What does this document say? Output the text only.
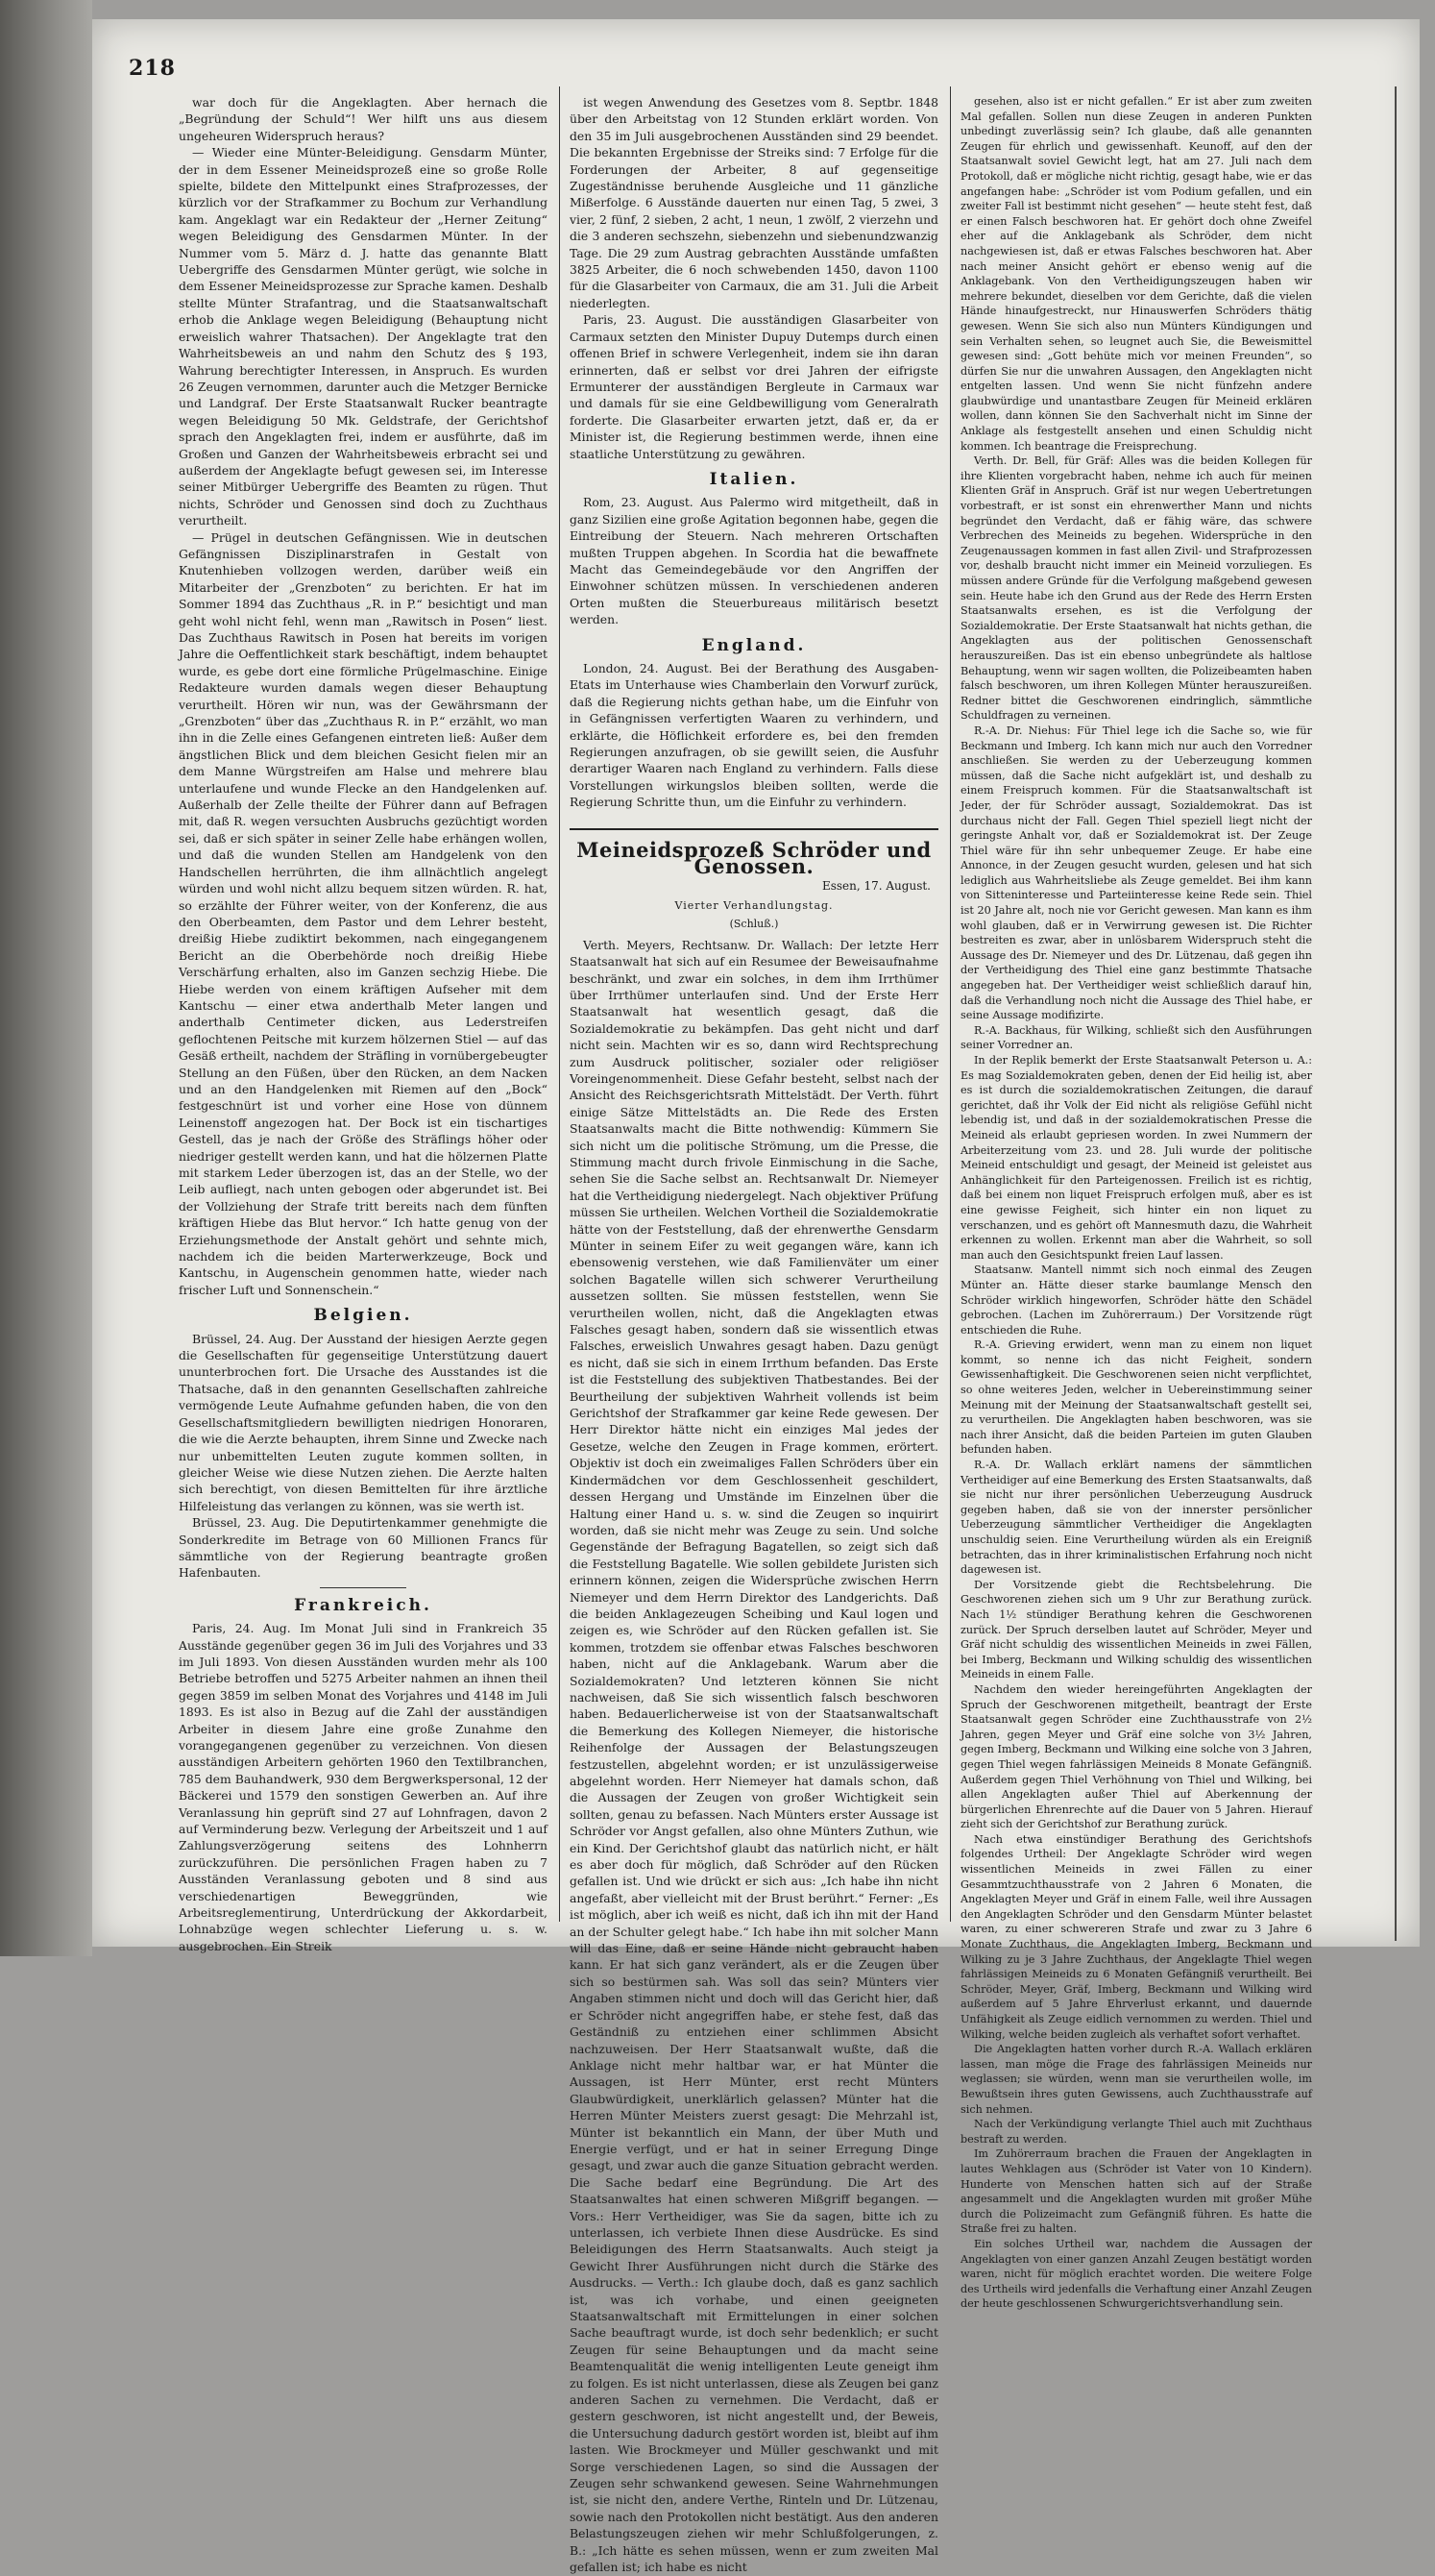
218

war doch für die Angeklagten. Aber hernach die „Begründung der Schuld“! Wer hilft uns aus diesem ungeheuren Widerspruch heraus?

— Wieder eine Münter-Beleidigung. Gensdarm Münter, der in dem Essener Meineidsprozeß eine so große Rolle spielte, bildete den Mittelpunkt eines Strafprozesses, der kürzlich vor der Strafkammer zu Bochum zur Verhandlung kam. Angeklagt war ein Redakteur der „Herner Zeitung“ wegen Beleidigung des Gensdarmen Münter. In der Nummer vom 5. März d. J. hatte das genannte Blatt Uebergriffe des Gensdarmen Münter gerügt, wie solche in dem Essener Meineidsprozesse zur Sprache kamen. Deshalb stellte Münter Strafantrag, und die Staatsanwaltschaft erhob die Anklage wegen Beleidigung (Behauptung nicht erweislich wahrer Thatsachen). Der Angeklagte trat den Wahrheitsbeweis an und nahm den Schutz des § 193, Wahrung berechtigter Interessen, in Anspruch. Es wurden 26 Zeugen vernommen, darunter auch die Metzger Bernicke und Landgraf. Der Erste Staatsanwalt Rucker beantragte wegen Beleidigung 50 Mk. Geldstrafe, der Gerichtshof sprach den Angeklagten frei, indem er ausführte, daß im Großen und Ganzen der Wahrheitsbeweis erbracht sei und außerdem der Angeklagte befugt gewesen sei, im Interesse seiner Mitbürger Uebergriffe des Beamten zu rügen. Thut nichts, Schröder und Genossen sind doch zu Zuchthaus verurtheilt.

— Prügel in deutschen Gefängnissen. Wie in deutschen Gefängnissen Disziplinarstrafen in Gestalt von Knutenhieben vollzogen werden, darüber weiß ein Mitarbeiter der „Grenzboten“ zu berichten. Er hat im Sommer 1894 das Zuchthaus „R. in P.“ besichtigt und man geht wohl nicht fehl, wenn man „Rawitsch in Posen“ liest. Das Zuchthaus Rawitsch in Posen hat bereits im vorigen Jahre die Oeffentlichkeit stark beschäftigt, indem behauptet wurde, es gebe dort eine förmliche Prügelmaschine. Einige Redakteure wurden damals wegen dieser Behauptung verurtheilt. Hören wir nun, was der Gewährsmann der „Grenzboten“ über das „Zuchthaus R. in P.“ erzählt, wo man ihn in die Zelle eines Gefangenen eintreten ließ: Außer dem ängstlichen Blick und dem bleichen Gesicht fielen mir an dem Manne Würgstreifen am Halse und mehrere blau unterlaufene und wunde Flecke an den Handgelenken auf. Außerhalb der Zelle theilte der Führer dann auf Befragen mit, daß R. wegen versuchten Ausbruchs gezüchtigt worden sei, daß er sich später in seiner Zelle habe erhängen wollen, und daß die wunden Stellen am Handgelenk von den Handschellen herrührten, die ihm allnächtlich angelegt würden und wohl nicht allzu bequem sitzen würden. R. hat, so erzählte der Führer weiter, von der Konferenz, die aus den Oberbeamten, dem Pastor und dem Lehrer besteht, dreißig Hiebe zudiktirt bekommen, nach eingegangenem Bericht an die Oberbehörde noch dreißig Hiebe Verschärfung erhalten, also im Ganzen sechzig Hiebe. Die Hiebe werden von einem kräftigen Aufseher mit dem Kantschu — einer etwa anderthalb Meter langen und anderthalb Centimeter dicken, aus Lederstreifen geflochtenen Peitsche mit kurzem hölzernen Stiel — auf das Gesäß ertheilt, nachdem der Sträfling in vornübergebeugter Stellung an den Füßen, über den Rücken, an dem Nacken und an den Handgelenken mit Riemen auf den „Bock“ festgeschnürt ist und vorher eine Hose von dünnem Leinenstoff angezogen hat. Der Bock ist ein tischartiges Gestell, das je nach der Größe des Sträflings höher oder niedriger gestellt werden kann, und hat die hölzernen Platte mit starkem Leder überzogen ist, das an der Stelle, wo der Leib aufliegt, nach unten gebogen oder abgerundet ist. Bei der Vollziehung der Strafe tritt bereits nach dem fünften kräftigen Hiebe das Blut hervor.“ Ich hatte genug von der Erziehungsmethode der Anstalt gehört und sehnte mich, nachdem ich die beiden Marterwerkzeuge, Bock und Kantschu, in Augenschein genommen hatte, wieder nach frischer Luft und Sonnenschein.“

Belgien.

Brüssel, 24. Aug. Der Ausstand der hiesigen Aerzte gegen die Gesellschaften für gegenseitige Unterstützung dauert ununterbrochen fort. Die Ursache des Ausstandes ist die Thatsache, daß in den genannten Gesellschaften zahlreiche vermögende Leute Aufnahme gefunden haben, die von den Gesellschaftsmitgliedern bewilligten niedrigen Honoraren, die wie die Aerzte behaupten, ihrem Sinne und Zwecke nach nur unbemittelten Leuten zugute kommen sollten, in gleicher Weise wie diese Nutzen ziehen. Die Aerzte halten sich berechtigt, von diesen Bemittelten für ihre ärztliche Hilfeleistung das verlangen zu können, was sie werth ist.

Brüssel, 23. Aug. Die Deputirtenkammer genehmigte die Sonderkredite im Betrage von 60 Millionen Francs für sämmtliche von der Regierung beantragte großen Hafenbauten.

Frankreich.

Paris, 24. Aug. Im Monat Juli sind in Frankreich 35 Ausstände gegenüber gegen 36 im Juli des Vorjahres und 33 im Juli 1893. Von diesen Ausständen wurden mehr als 100 Betriebe betroffen und 5275 Arbeiter nahmen an ihnen theil gegen 3859 im selben Monat des Vorjahres und 4148 im Juli 1893. Es ist also in Bezug auf die Zahl der ausständigen Arbeiter in diesem Jahre eine große Zunahme den vorangegangenen gegenüber zu verzeichnen. Von diesen ausständigen Arbeitern gehörten 1960 den Textilbranchen, 785 dem Bauhandwerk, 930 dem Bergwerkspersonal, 12 der Bäckerei und 1579 den sonstigen Gewerben an. Auf ihre Veranlassung hin geprüft sind 27 auf Lohnfragen, davon 2 auf Verminderung bezw. Verlegung der Arbeitszeit und 1 auf Zahlungsverzögerung seitens des Lohnherrn zurückzuführen. Die persönlichen Fragen haben zu 7 Ausständen Veranlassung geboten und 8 sind aus verschiedenartigen Beweggründen, wie Arbeitsreglementirung, Unterdrückung der Akkordarbeit, Lohnabzüge wegen schlechter Lieferung u. s. w. ausgebrochen. Ein Streik

ist wegen Anwendung des Gesetzes vom 8. Septbr. 1848 über den Arbeitstag von 12 Stunden erklärt worden. Von den 35 im Juli ausgebrochenen Ausständen sind 29 beendet. Die bekannten Ergebnisse der Streiks sind: 7 Erfolge für die Forderungen der Arbeiter, 8 auf gegenseitige Zugeständnisse beruhende Ausgleiche und 11 gänzliche Mißerfolge. 6 Ausstände dauerten nur einen Tag, 5 zwei, 3 vier, 2 fünf, 2 sieben, 2 acht, 1 neun, 1 zwölf, 2 vierzehn und die 3 anderen sechszehn, siebenzehn und siebenundzwanzig Tage. Die 29 zum Austrag gebrachten Ausstände umfaßten 3825 Arbeiter, die 6 noch schwebenden 1450, davon 1100 für die Glasarbeiter von Carmaux, die am 31. Juli die Arbeit niederlegten.

Paris, 23. August. Die ausständigen Glasarbeiter von Carmaux setzten den Minister Dupuy Dutemps durch einen offenen Brief in schwere Verlegenheit, indem sie ihn daran erinnerten, daß er selbst vor drei Jahren der eifrigste Ermunterer der ausständigen Bergleute in Carmaux war und damals für sie eine Geldbewilligung vom Generalrath forderte. Die Glasarbeiter erwarten jetzt, daß er, da er Minister ist, die Regierung bestimmen werde, ihnen eine staatliche Unterstützung zu gewähren.

Italien.

Rom, 23. August. Aus Palermo wird mitgetheilt, daß in ganz Sizilien eine große Agitation begonnen habe, gegen die Eintreibung der Steuern. Nach mehreren Ortschaften mußten Truppen abgehen. In Scordia hat die bewaffnete Macht das Gemeindegebäude vor den Angriffen der Einwohner schützen müssen. In verschiedenen anderen Orten mußten die Steuerbureaus militärisch besetzt werden.

England.

London, 24. August. Bei der Berathung des Ausgaben-Etats im Unterhause wies Chamberlain den Vorwurf zurück, daß die Regierung nichts gethan habe, um die Einfuhr von in Gefängnissen verfertigten Waaren zu verhindern, und erklärte, die Höflichkeit erfordere es, bei den fremden Regierungen anzufragen, ob sie gewillt seien, die Ausfuhr derartiger Waaren nach England zu verhindern. Falls diese Vorstellungen wirkungslos bleiben sollten, werde die Regierung Schritte thun, um die Einfuhr zu verhindern.

Meineidsprozeß Schröder und Genossen.
Essen, 17. August.
Vierter Verhandlungstag.
(Schluß.)

Verth. Meyers, Rechtsanw. Dr. Wallach: Der letzte Herr Staatsanwalt hat sich auf ein Resumee der Beweisaufnahme beschränkt, und zwar ein solches, in dem ihm Irrthümer über Irrthümer unterlaufen sind. Und der Erste Herr Staatsanwalt hat wesentlich gesagt, daß die Sozialdemokratie zu bekämpfen. Das geht nicht und darf nicht sein. Machten wir es so, dann wird Rechtsprechung zum Ausdruck politischer, sozialer oder religiöser Voreingenommenheit. Diese Gefahr besteht, selbst nach der Ansicht des Reichsgerichtsrath Mittelstädt. Der Verth. führt einige Sätze Mittelstädts an. Die Rede des Ersten Staatsanwalts macht die Bitte nothwendig: Kümmern Sie sich nicht um die politische Strömung, um die Presse, die Stimmung macht durch frivole Einmischung in die Sache, sehen Sie die Sache selbst an. Rechtsanwalt Dr. Niemeyer hat die Vertheidigung niedergelegt. Nach objektiver Prüfung müssen Sie urtheilen. Welchen Vortheil die Sozialdemokratie hätte von der Feststellung, daß der ehrenwerthe Gensdarm Münter in seinem Eifer zu weit gegangen wäre, kann ich ebensowenig verstehen, wie daß Familienväter um einer solchen Bagatelle willen sich schwerer Verurtheilung aussetzen sollten. Sie müssen feststellen, wenn Sie verurtheilen wollen, nicht, daß die Angeklagten etwas Falsches gesagt haben, sondern daß sie wissentlich etwas Falsches, erweislich Unwahres gesagt haben. Dazu genügt es nicht, daß sie sich in einem Irrthum befanden. Das Erste ist die Feststellung des subjektiven Thatbestandes. Bei der Beurtheilung der subjektiven Wahrheit vollends ist beim Gerichtshof der Strafkammer gar keine Rede gewesen. Der Herr Direktor hätte nicht ein einziges Mal jedes der Gesetze, welche den Zeugen in Frage kommen, erörtert. Objektiv ist doch ein zweimaliges Fallen Schröders über ein Kindermädchen vor dem Geschlossenheit geschildert, dessen Hergang und Umstände im Einzelnen über die Haltung einer Hand u. s. w. sind die Zeugen so inquirirt worden, daß sie nicht mehr was Zeuge zu sein. Und solche Gegenstände der Befragung Bagatellen, so zeigt sich daß die Feststellung Bagatelle. Wie sollen gebildete Juristen sich erinnern können, zeigen die Widersprüche zwischen Herrn Niemeyer und dem Herrn Direktor des Landgerichts. Daß die beiden Anklagezeugen Scheibing und Kaul logen und zeigen es, wie Schröder auf den Rücken gefallen ist. Sie kommen, trotzdem sie offenbar etwas Falsches beschworen haben, nicht auf die Anklagebank. Warum aber die Sozialdemokraten? Und letzteren können Sie nicht nachweisen, daß Sie sich wissentlich falsch beschworen haben. Bedauerlicherweise ist von der Staatsanwaltschaft die Bemerkung des Kollegen Niemeyer, die historische Reihenfolge der Aussagen der Belastungszeugen festzustellen, abgelehnt worden; er ist unzulässigerweise abgelehnt worden. Herr Niemeyer hat damals schon, daß die Aussagen der Zeugen von großer Wichtigkeit sein sollten, genau zu befassen. Nach Münters erster Aussage ist Schröder vor Angst gefallen, also ohne Münters Zuthun, wie ein Kind. Der Gerichtshof glaubt das natürlich nicht, er hält es aber doch für möglich, daß Schröder auf den Rücken gefallen ist. Und wie drückt er sich aus: „Ich habe ihn nicht angefaßt, aber vielleicht mit der Brust berührt.“ Ferner: „Es ist möglich, aber ich weiß es nicht, daß ich ihn mit der Hand an der Schulter gelegt habe.“ Ich habe ihn mit solcher Mann will das Eine, daß er seine Hände nicht gebraucht haben kann. Er hat sich ganz verändert, als er die Zeugen über sich so bestürmen sah. Was soll das sein? Münters vier Angaben stimmen nicht und doch will das Gericht hier, daß er Schröder nicht angegriffen habe, er stehe fest, daß das Geständniß zu entziehen einer schlimmen Absicht nachzuweisen. Der Herr Staatsanwalt wußte, daß die Anklage nicht mehr haltbar war, er hat Münter die Aussagen, ist Herr Münter, erst recht Münters Glaubwürdigkeit, unerklärlich gelassen? Münter hat die Herren Münter Meisters zuerst gesagt: Die Mehrzahl ist, Münter ist bekanntlich ein Mann, der über Muth und Energie verfügt, und er hat in seiner Erregung Dinge gesagt, und zwar auch die ganze Situation gebracht werden. Die Sache bedarf eine Begründung. Die Art des Staatsanwaltes hat einen schweren Mißgriff begangen. — Vors.: Herr Vertheidiger, was Sie da sagen, bitte ich zu unterlassen, ich verbiete Ihnen diese Ausdrücke. Es sind Beleidigungen des Herrn Staatsanwalts. Auch steigt ja Gewicht Ihrer Ausführungen nicht durch die Stärke des Ausdrucks. — Verth.: Ich glaube doch, daß es ganz sachlich ist, was ich vorhabe, und einen geeigneten Staatsanwaltschaft mit Ermittelungen in einer solchen Sache beauftragt wurde, ist doch sehr bedenklich; er sucht Zeugen für seine Behauptungen und da macht seine Beamtenqualität die wenig intelligenten Leute geneigt ihm zu folgen. Es ist nicht unterlassen, diese als Zeugen bei ganz anderen Sachen zu vernehmen. Die Verdacht, daß er gestern geschworen, ist nicht angestellt und, der Beweis, die Untersuchung dadurch gestört worden ist, bleibt auf ihm lasten. Wie Brockmeyer und Müller geschwankt und mit Sorge verschiedenen Lagen, so sind die Aussagen der Zeugen sehr schwankend gewesen. Seine Wahrnehmungen ist, sie nicht den, andere Verthe, Rinteln und Dr. Lützenau, sowie nach den Protokollen nicht bestätigt. Aus den anderen Belastungszeugen ziehen wir mehr Schlußfolgerungen, z. B.: „Ich hätte es sehen müssen, wenn er zum zweiten Mal gefallen ist; ich habe es nicht

gesehen, also ist er nicht gefallen.“ Er ist aber zum zweiten Mal gefallen. Sollen nun diese Zeugen in anderen Punkten unbedingt zuverlässig sein? Ich glaube, daß alle genannten Zeugen für ehrlich und gewissenhaft. Keunoff, auf den der Staatsanwalt soviel Gewicht legt, hat am 27. Juli nach dem Protokoll, daß er mögliche nicht richtig, gesagt habe, wie er das angefangen habe: „Schröder ist vom Podium gefallen, und ein zweiter Fall ist bestimmt nicht gesehen“ — heute steht fest, daß er einen Falsch beschworen hat. Er gehört doch ohne Zweifel eher auf die Anklagebank als Schröder, dem nicht nachgewiesen ist, daß er etwas Falsches beschworen hat. Aber nach meiner Ansicht gehört er ebenso wenig auf die Anklagebank. Von den Vertheidigungszeugen haben wir mehrere bekundet, dieselben vor dem Gerichte, daß die vielen Hände hinaufgestreckt, nur Hinauswerfen Schröders thätig gewesen. Wenn Sie sich also nun Münters Kündigungen und sein Verhalten sehen, so leugnet auch Sie, die Beweismittel gewesen sind: „Gott behüte mich vor meinen Freunden“, so dürfen Sie nur die unwahren Aussagen, den Angeklagten nicht entgelten lassen. Und wenn Sie nicht fünfzehn andere glaubwürdige und unantastbare Zeugen für Meineid erklären wollen, dann können Sie den Sachverhalt nicht im Sinne der Anklage als festgestellt ansehen und einen Schuldig nicht kommen. Ich beantrage die Freisprechung.

Verth. Dr. Bell, für Gräf: Alles was die beiden Kollegen für ihre Klienten vorgebracht haben, nehme ich auch für meinen Klienten Gräf in Anspruch. Gräf ist nur wegen Uebertretungen vorbestraft, er ist sonst ein ehrenwerther Mann und nichts begründet den Verdacht, daß er fähig wäre, das schwere Verbrechen des Meineids zu begehen. Widersprüche in den Zeugenaussagen kommen in fast allen Zivil- und Strafprozessen vor, deshalb braucht nicht immer ein Meineid vorzuliegen. Es müssen andere Gründe für die Verfolgung maßgebend gewesen sein. Heute habe ich den Grund aus der Rede des Herrn Ersten Staatsanwalts ersehen, es ist die Verfolgung der Sozialdemokratie. Der Erste Staatsanwalt hat nichts gethan, die Angeklagten aus der politischen Genossenschaft herauszureißen. Das ist ein ebenso unbegründete als haltlose Behauptung, wenn wir sagen wollten, die Polizeibeamten haben falsch beschworen, um ihren Kollegen Münter herauszureißen. Redner bittet die Geschworenen eindringlich, sämmtliche Schuldfragen zu verneinen.

R.-A. Dr. Niehus: Für Thiel lege ich die Sache so, wie für Beckmann und Imberg. Ich kann mich nur auch den Vorredner anschließen. Sie werden zu der Ueberzeugung kommen müssen, daß die Sache nicht aufgeklärt ist, und deshalb zu einem Freispruch kommen. Für die Staatsanwaltschaft ist Jeder, der für Schröder aussagt, Sozialdemokrat. Das ist durchaus nicht der Fall. Gegen Thiel speziell liegt nicht der geringste Anhalt vor, daß er Sozialdemokrat ist. Der Zeuge Thiel wäre für ihn sehr unbequemer Zeuge. Er habe eine Annonce, in der Zeugen gesucht wurden, gelesen und hat sich lediglich aus Wahrheitsliebe als Zeuge gemeldet. Bei ihm kann von Sitteninteresse und Parteiinteresse keine Rede sein. Thiel ist 20 Jahre alt, noch nie vor Gericht gewesen. Man kann es ihm wohl glauben, daß er in Verwirrung gewesen ist. Die Richter bestreiten es zwar, aber in unlösbarem Widerspruch steht die Aussage des Dr. Niemeyer und des Dr. Lützenau, daß gegen ihn der Vertheidigung des Thiel eine ganz bestimmte Thatsache angegeben hat. Der Vertheidiger weist schließlich darauf hin, daß die Verhandlung noch nicht die Aussage des Thiel habe, er seine Aussage modifizirte.

R.-A. Backhaus, für Wilking, schließt sich den Ausführungen seiner Vorredner an.

In der Replik bemerkt der Erste Staatsanwalt Peterson u. A.: Es mag Sozialdemokraten geben, denen der Eid heilig ist, aber es ist durch die sozialdemokratischen Zeitungen, die darauf gerichtet, daß ihr Volk der Eid nicht als religiöse Gefühl nicht lebendig ist, und daß in der sozialdemokratischen Presse die Meineid als erlaubt gepriesen worden. In zwei Nummern der Arbeiterzeitung vom 23. und 28. Juli wurde der politische Meineid entschuldigt und gesagt, der Meineid ist geleistet aus Anhänglichkeit für den Parteigenossen. Freilich ist es richtig, daß bei einem non liquet Freispruch erfolgen muß, aber es ist eine gewisse Feigheit, sich hinter ein non liquet zu verschanzen, und es gehört oft Mannesmuth dazu, die Wahrheit erkennen zu wollen. Erkennt man aber die Wahrheit, so soll man auch den Gesichtspunkt freien Lauf lassen.

Staatsanw. Mantell nimmt sich noch einmal des Zeugen Münter an. Hätte dieser starke baumlange Mensch den Schröder wirklich hingeworfen, Schröder hätte den Schädel gebrochen. (Lachen im Zuhörerraum.) Der Vorsitzende rügt entschieden die Ruhe.

R.-A. Grieving erwidert, wenn man zu einem non liquet kommt, so nenne ich das nicht Feigheit, sondern Gewissenhaftigkeit. Die Geschworenen seien nicht verpflichtet, so ohne weiteres Jeden, welcher in Uebereinstimmung seiner Meinung mit der Meinung der Staatsanwaltschaft gestellt sei, zu verurtheilen. Die Angeklagten haben beschworen, was sie nach ihrer Ansicht, daß die beiden Parteien im guten Glauben befunden haben.

R.-A. Dr. Wallach erklärt namens der sämmtlichen Vertheidiger auf eine Bemerkung des Ersten Staatsanwalts, daß sie nicht nur ihrer persönlichen Ueberzeugung Ausdruck gegeben haben, daß sie von der innerster persönlicher Ueberzeugung sämmtlicher Vertheidiger die Angeklagten unschuldig seien. Eine Verurtheilung würden als ein Ereigniß betrachten, das in ihrer kriminalistischen Erfahrung noch nicht dagewesen ist.

Der Vorsitzende giebt die Rechtsbelehrung. Die Geschworenen ziehen sich um 9 Uhr zur Berathung zurück. Nach 1½ stündiger Berathung kehren die Geschworenen zurück. Der Spruch derselben lautet auf Schröder, Meyer und Gräf nicht schuldig des wissentlichen Meineids in zwei Fällen, bei Imberg, Beckmann und Wilking schuldig des wissentlichen Meineids in einem Falle.

Nachdem den wieder hereingeführten Angeklagten der Spruch der Geschworenen mitgetheilt, beantragt der Erste Staatsanwalt gegen Schröder eine Zuchthausstrafe von 2½ Jahren, gegen Meyer und Gräf eine solche von 3½ Jahren, gegen Imberg, Beckmann und Wilking eine solche von 3 Jahren, gegen Thiel wegen fahrlässigen Meineids 8 Monate Gefängniß. Außerdem gegen Thiel Verhöhnung von Thiel und Wilking, bei allen Angeklagten außer Thiel auf Aberkennung der bürgerlichen Ehrenrechte auf die Dauer von 5 Jahren. Hierauf zieht sich der Gerichtshof zur Berathung zurück.

Nach etwa einstündiger Berathung des Gerichtshofs folgendes Urtheil: Der Angeklagte Schröder wird wegen wissentlichen Meineids in zwei Fällen zu einer Gesammtzuchthausstrafe von 2 Jahren 6 Monaten, die Angeklagten Meyer und Gräf in einem Falle, weil ihre Aussagen den Angeklagten Schröder und den Gensdarm Münter belastet waren, zu einer schwereren Strafe und zwar zu 3 Jahre 6 Monate Zuchthaus, die Angeklagten Imberg, Beckmann und Wilking zu je 3 Jahre Zuchthaus, der Angeklagte Thiel wegen fahrlässigen Meineids zu 6 Monaten Gefängniß verurtheilt. Bei Schröder, Meyer, Gräf, Imberg, Beckmann und Wilking wird außerdem auf 5 Jahre Ehrverlust erkannt, und dauernde Unfähigkeit als Zeuge eidlich vernommen zu werden. Thiel und Wilking, welche beiden zugleich als verhaftet sofort verhaftet.

Die Angeklagten hatten vorher durch R.-A. Wallach erklären lassen, man möge die Frage des fahrlässigen Meineids nur weglassen; sie würden, wenn man sie verurtheilen wolle, im Bewußtsein ihres guten Gewissens, auch Zuchthausstrafe auf sich nehmen.

Nach der Verkündigung verlangte Thiel auch mit Zuchthaus bestraft zu werden.

Im Zuhörerraum brachen die Frauen der Angeklagten in lautes Wehklagen aus (Schröder ist Vater von 10 Kindern). Hunderte von Menschen hatten sich auf der Straße angesammelt und die Angeklagten wurden mit großer Mühe durch die Polizeimacht zum Gefängniß führen. Es hatte die Straße frei zu halten.

Ein solches Urtheil war, nachdem die Aussagen der Angeklagten von einer ganzen Anzahl Zeugen bestätigt worden waren, nicht für möglich erachtet worden. Die weitere Folge des Urtheils wird jedenfalls die Verhaftung einer Anzahl Zeugen der heute geschlossenen Schwurgerichtsverhandlung sein.
